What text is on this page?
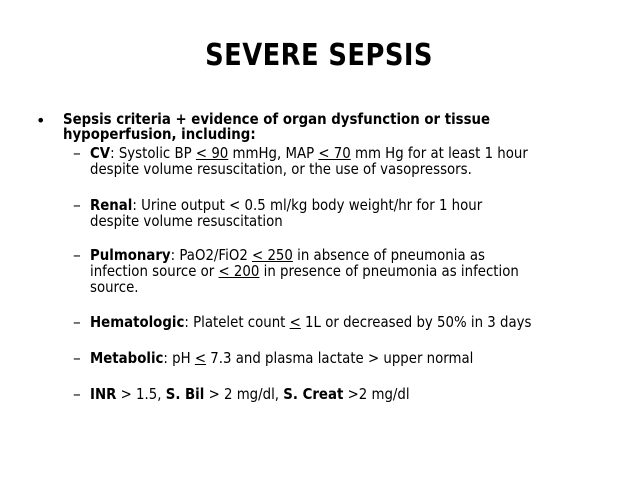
SEVERE SEPSIS
• Sepsis criteria + evidence of organ dysfunction or tissue
hypoperfusion, including:
– CV: Systolic BP < 90 mmHg, MAP < 70 mm Hg for at least 1 hour
despite volume resuscitation, or the use of vasopressors.
– Renal: Urine output < 0.5 ml/kg body weight/hr for 1 hour
despite volume resuscitation
– Pulmonary: PaO2/FiO2 < 250 in absence of pneumonia as
infection source or < 200 in presence of pneumonia as infection
source.
– Hematologic: Platelet count < 1L or decreased by 50% in 3 days
– Metabolic: pH < 7.3 and plasma lactate > upper normal
– INR > 1.5, S. Bil > 2 mg/dl, S. Creat >2 mg/dl
